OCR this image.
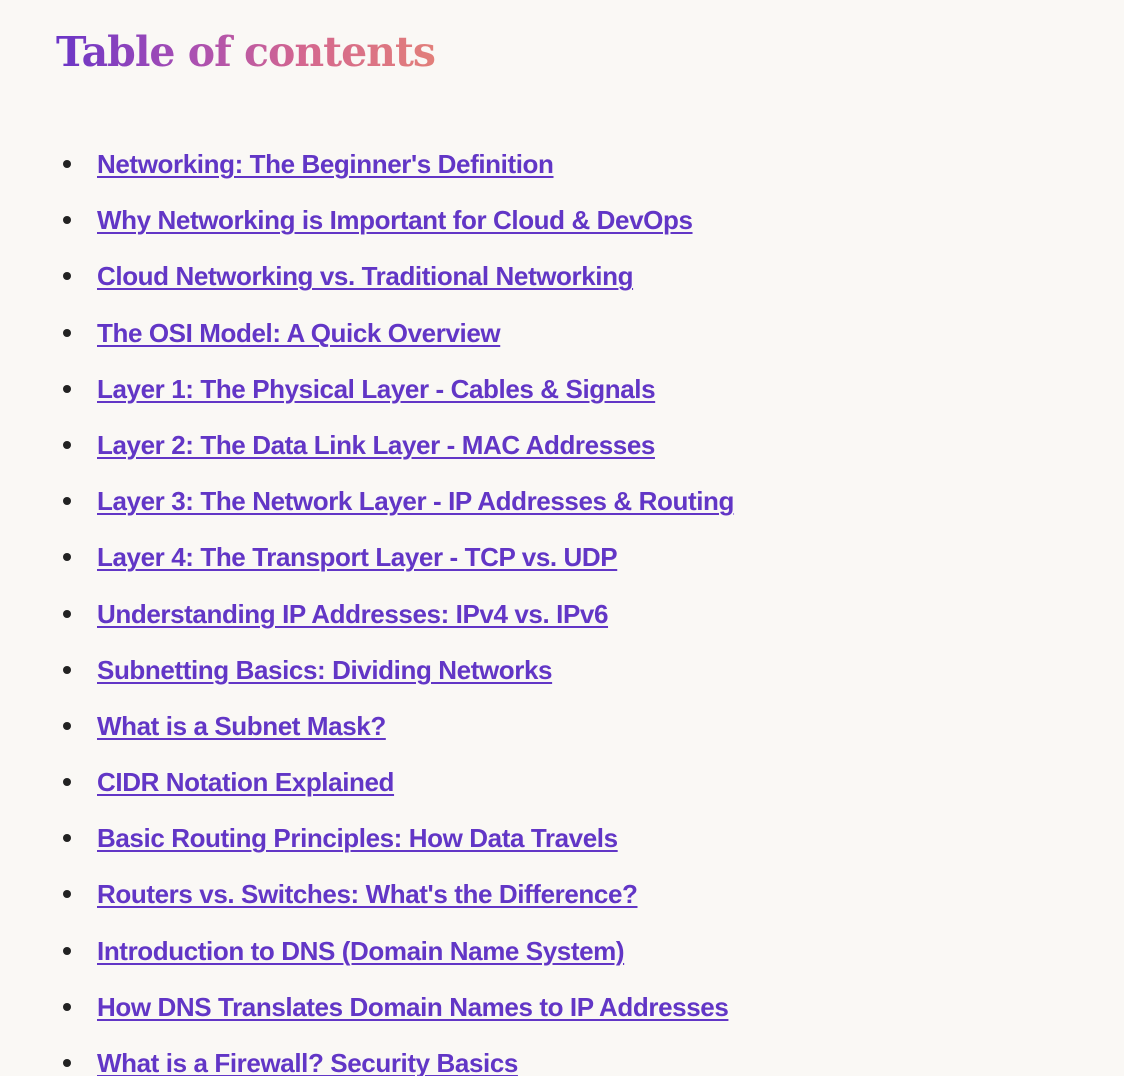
Table of contents
Networking: The Beginner's Definition
Why Networking is Important for Cloud & DevOps
Cloud Networking vs. Traditional Networking
The OSI Model: A Quick Overview
Layer 1: The Physical Layer - Cables & Signals
Layer 2: The Data Link Layer - MAC Addresses
Layer 3: The Network Layer - IP Addresses & Routing
Layer 4: The Transport Layer - TCP vs. UDP
Understanding IP Addresses: IPv4 vs. IPv6
Subnetting Basics: Dividing Networks
What is a Subnet Mask?
CIDR Notation Explained
Basic Routing Principles: How Data Travels
Routers vs. Switches: What's the Difference?
Introduction to DNS (Domain Name System)
How DNS Translates Domain Names to IP Addresses
What is a Firewall? Security Basics
